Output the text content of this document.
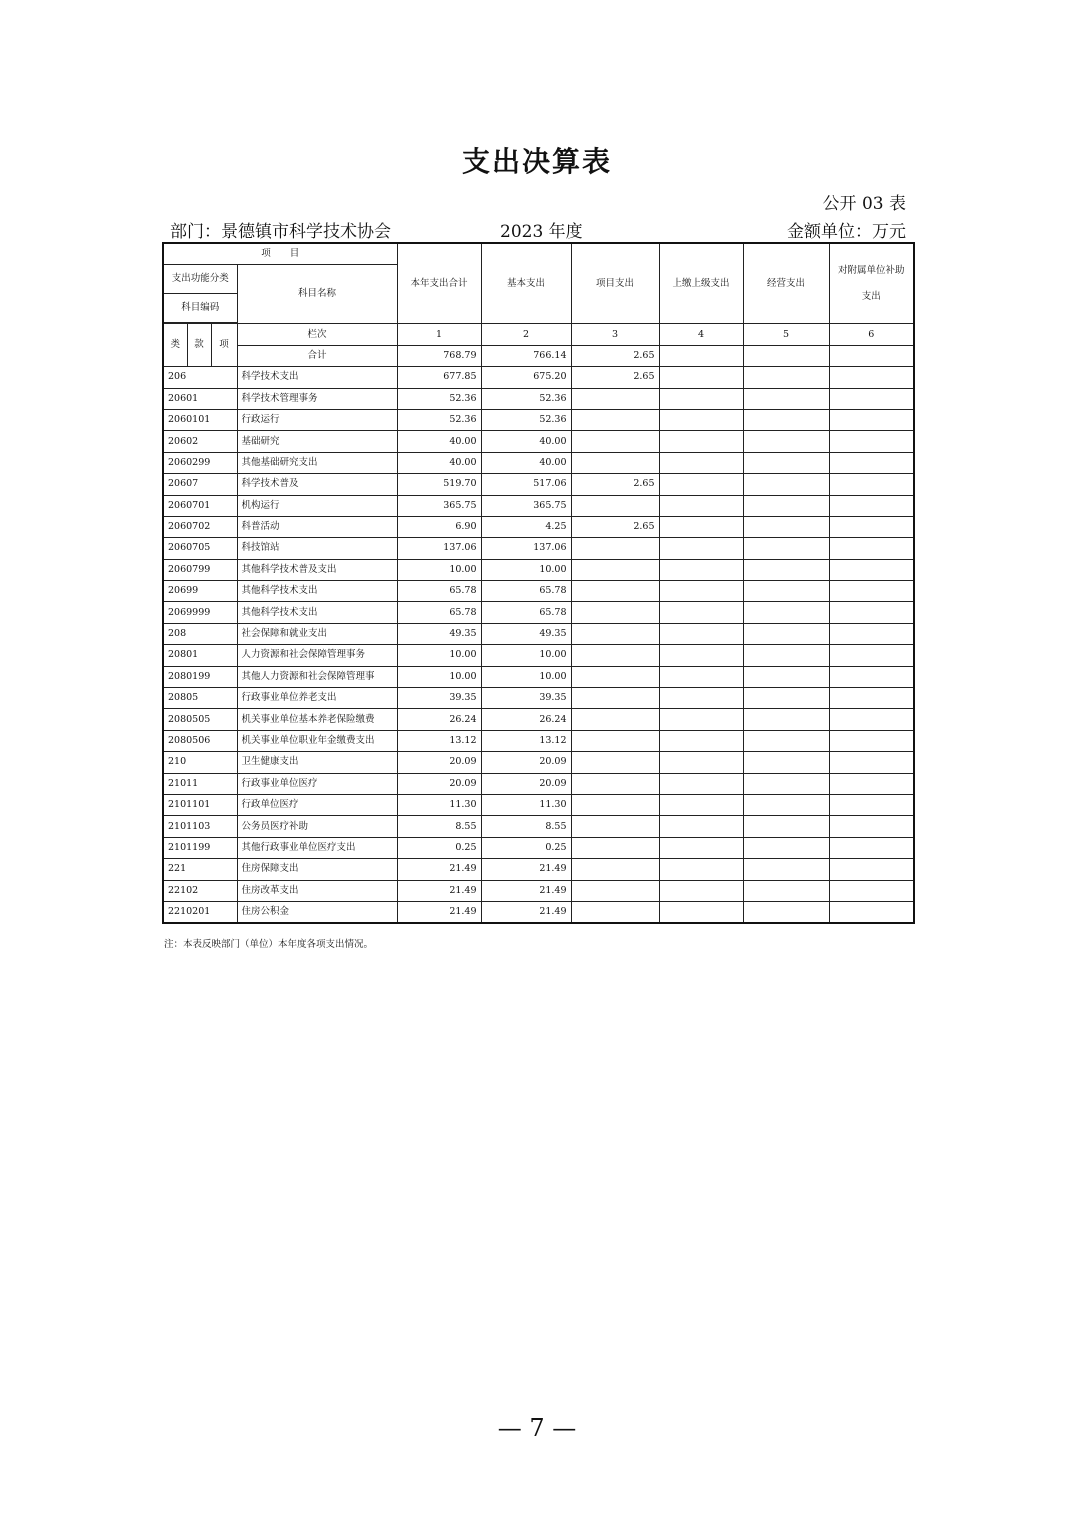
支出决算表
公开 03 表
部门：景德镇市科学技术协会	2023 年度	金额单位：万元
项　　目				本年支出合计	基本支出	项目支出	上缴上级支出	经营支出	对附属单位补助支出
支出功能分类			科目名称						
科目编码									

类	款	项	栏次	1	2	3	4	5	6
			合计	768.79	766.14	2.65			
206			科学技术支出	677.85	675.20	2.65			
20601			科学技术管理事务	52.36	52.36				
2060101			行政运行	52.36	52.36				
20602			基础研究	40.00	40.00				
2060299			其他基础研究支出	40.00	40.00				
20607			科学技术普及	519.70	517.06	2.65			
2060701			机构运行	365.75	365.75				
2060702			科普活动	6.90	4.25	2.65			
2060705			科技馆站	137.06	137.06				
2060799			其他科学技术普及支出	10.00	10.00				
20699			其他科学技术支出	65.78	65.78				
2069999			其他科学技术支出	65.78	65.78				
208			社会保障和就业支出	49.35	49.35				
20801			人力资源和社会保障管理事务	10.00	10.00				
2080199			其他人力资源和社会保障管理事	10.00	10.00				
20805			行政事业单位养老支出	39.35	39.35				
2080505			机关事业单位基本养老保险缴费	26.24	26.24				
2080506			机关事业单位职业年金缴费支出	13.12	13.12				
210			卫生健康支出	20.09	20.09				
21011			行政事业单位医疗	20.09	20.09				
2101101			行政单位医疗	11.30	11.30				
2101103			公务员医疗补助	8.55	8.55				
2101199			其他行政事业单位医疗支出	0.25	0.25				
221			住房保障支出	21.49	21.49				
22102			住房改革支出	21.49	21.49				
2210201			住房公积金	21.49	21.49				
注：本表反映部门（单位）本年度各项支出情况。
— 7 —
